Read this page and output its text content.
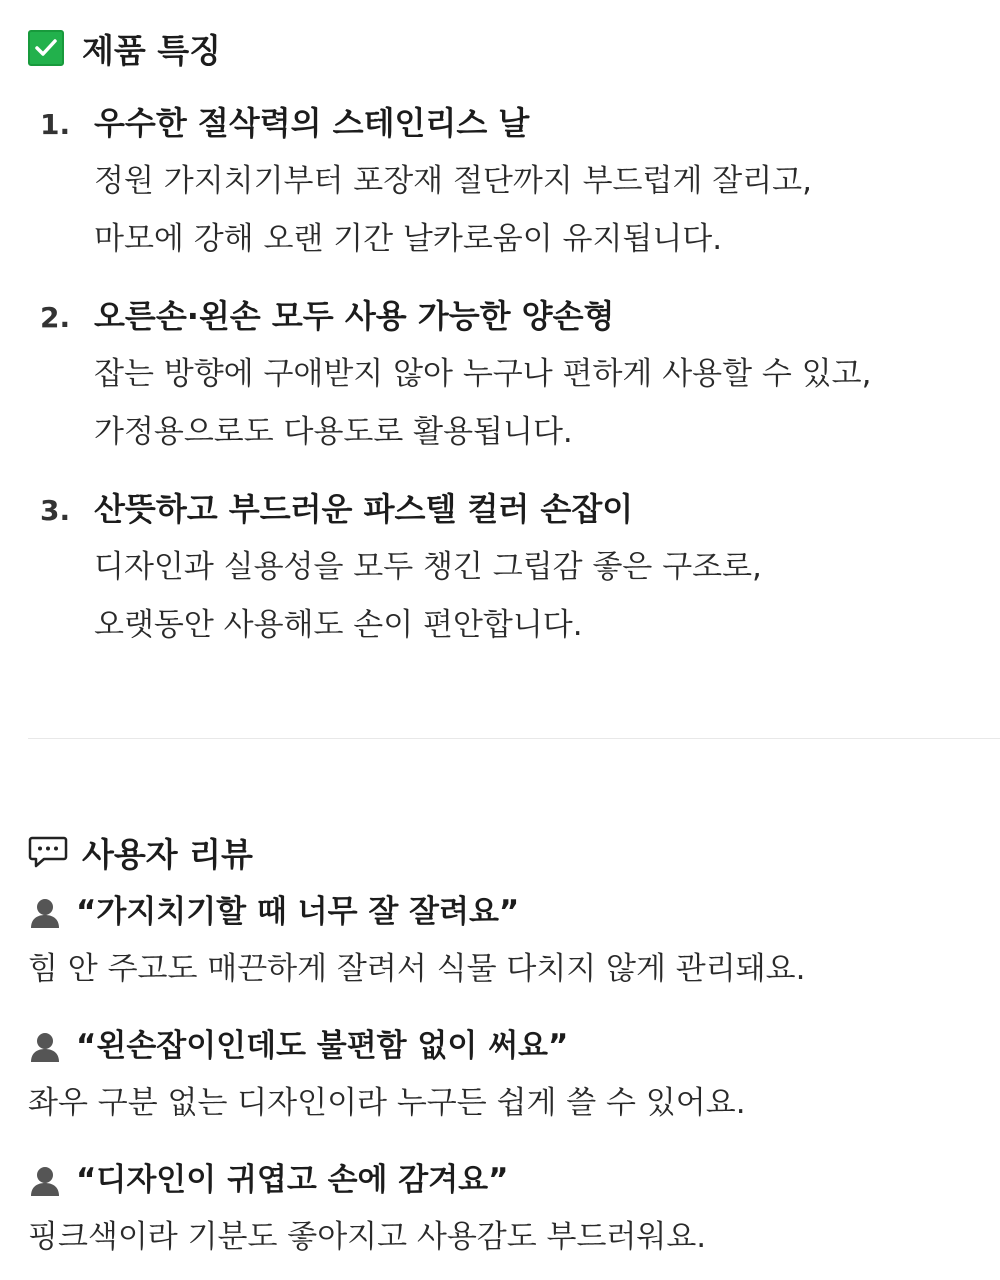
제품 특징
1. 우수한 절삭력의 스테인리스 날
정원 가지치기부터 포장재 절단까지 부드럽게 잘리고,
마모에 강해 오랜 기간 날카로움이 유지됩니다.
2. 오른손·왼손 모두 사용 가능한 양손형
잡는 방향에 구애받지 않아 누구나 편하게 사용할 수 있고,
가정용으로도 다용도로 활용됩니다.
3. 산뜻하고 부드러운 파스텔 컬러 손잡이
디자인과 실용성을 모두 챙긴 그립감 좋은 구조로,
오랫동안 사용해도 손이 편안합니다.
사용자 리뷰
“가지치기할 때 너무 잘 잘려요”
힘 안 주고도 매끈하게 잘려서 식물 다치지 않게 관리돼요.
“왼손잡이인데도 불편함 없이 써요”
좌우 구분 없는 디자인이라 누구든 쉽게 쓸 수 있어요.
“디자인이 귀엽고 손에 감겨요”
핑크색이라 기분도 좋아지고 사용감도 부드러워요.
